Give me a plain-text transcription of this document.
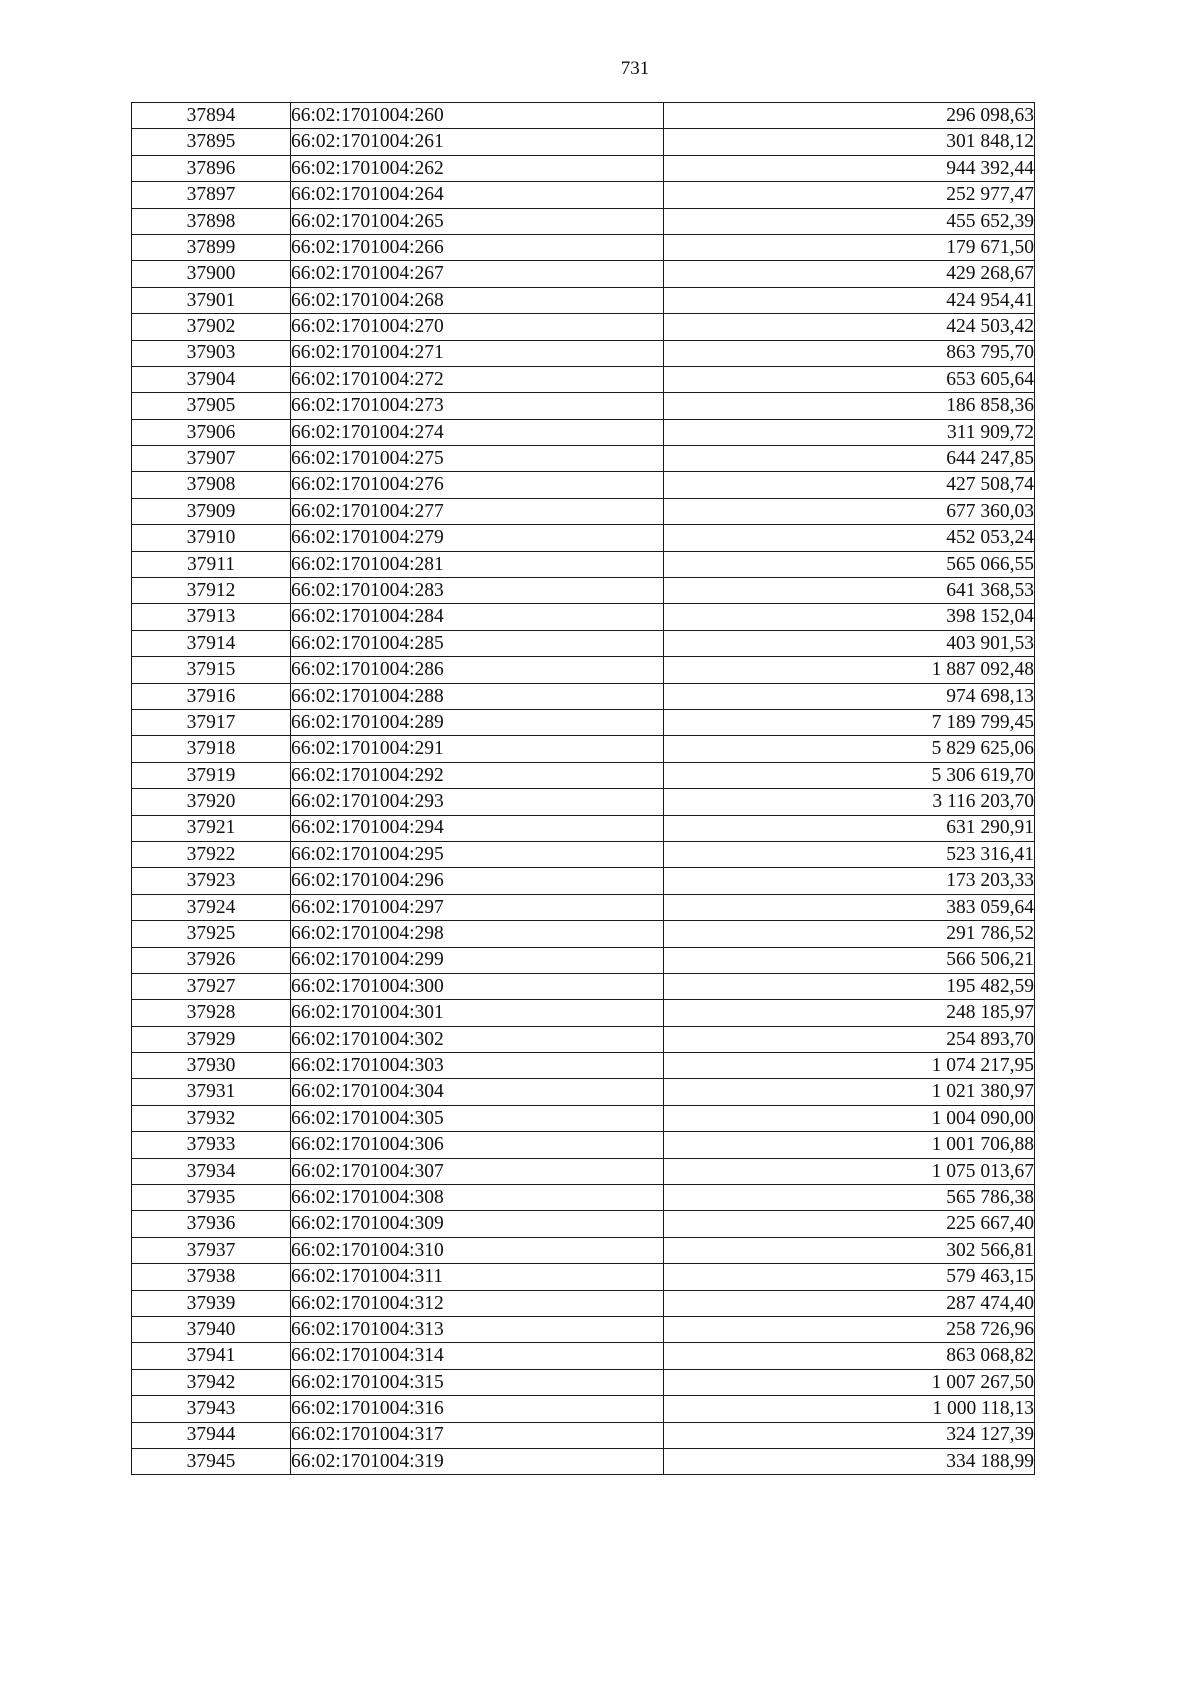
731
37894	66:02:1701004:260	296 098,63
37895	66:02:1701004:261	301 848,12
37896	66:02:1701004:262	944 392,44
37897	66:02:1701004:264	252 977,47
37898	66:02:1701004:265	455 652,39
37899	66:02:1701004:266	179 671,50
37900	66:02:1701004:267	429 268,67
37901	66:02:1701004:268	424 954,41
37902	66:02:1701004:270	424 503,42
37903	66:02:1701004:271	863 795,70
37904	66:02:1701004:272	653 605,64
37905	66:02:1701004:273	186 858,36
37906	66:02:1701004:274	311 909,72
37907	66:02:1701004:275	644 247,85
37908	66:02:1701004:276	427 508,74
37909	66:02:1701004:277	677 360,03
37910	66:02:1701004:279	452 053,24
37911	66:02:1701004:281	565 066,55
37912	66:02:1701004:283	641 368,53
37913	66:02:1701004:284	398 152,04
37914	66:02:1701004:285	403 901,53
37915	66:02:1701004:286	1 887 092,48
37916	66:02:1701004:288	974 698,13
37917	66:02:1701004:289	7 189 799,45
37918	66:02:1701004:291	5 829 625,06
37919	66:02:1701004:292	5 306 619,70
37920	66:02:1701004:293	3 116 203,70
37921	66:02:1701004:294	631 290,91
37922	66:02:1701004:295	523 316,41
37923	66:02:1701004:296	173 203,33
37924	66:02:1701004:297	383 059,64
37925	66:02:1701004:298	291 786,52
37926	66:02:1701004:299	566 506,21
37927	66:02:1701004:300	195 482,59
37928	66:02:1701004:301	248 185,97
37929	66:02:1701004:302	254 893,70
37930	66:02:1701004:303	1 074 217,95
37931	66:02:1701004:304	1 021 380,97
37932	66:02:1701004:305	1 004 090,00
37933	66:02:1701004:306	1 001 706,88
37934	66:02:1701004:307	1 075 013,67
37935	66:02:1701004:308	565 786,38
37936	66:02:1701004:309	225 667,40
37937	66:02:1701004:310	302 566,81
37938	66:02:1701004:311	579 463,15
37939	66:02:1701004:312	287 474,40
37940	66:02:1701004:313	258 726,96
37941	66:02:1701004:314	863 068,82
37942	66:02:1701004:315	1 007 267,50
37943	66:02:1701004:316	1 000 118,13
37944	66:02:1701004:317	324 127,39
37945	66:02:1701004:319	334 188,99
